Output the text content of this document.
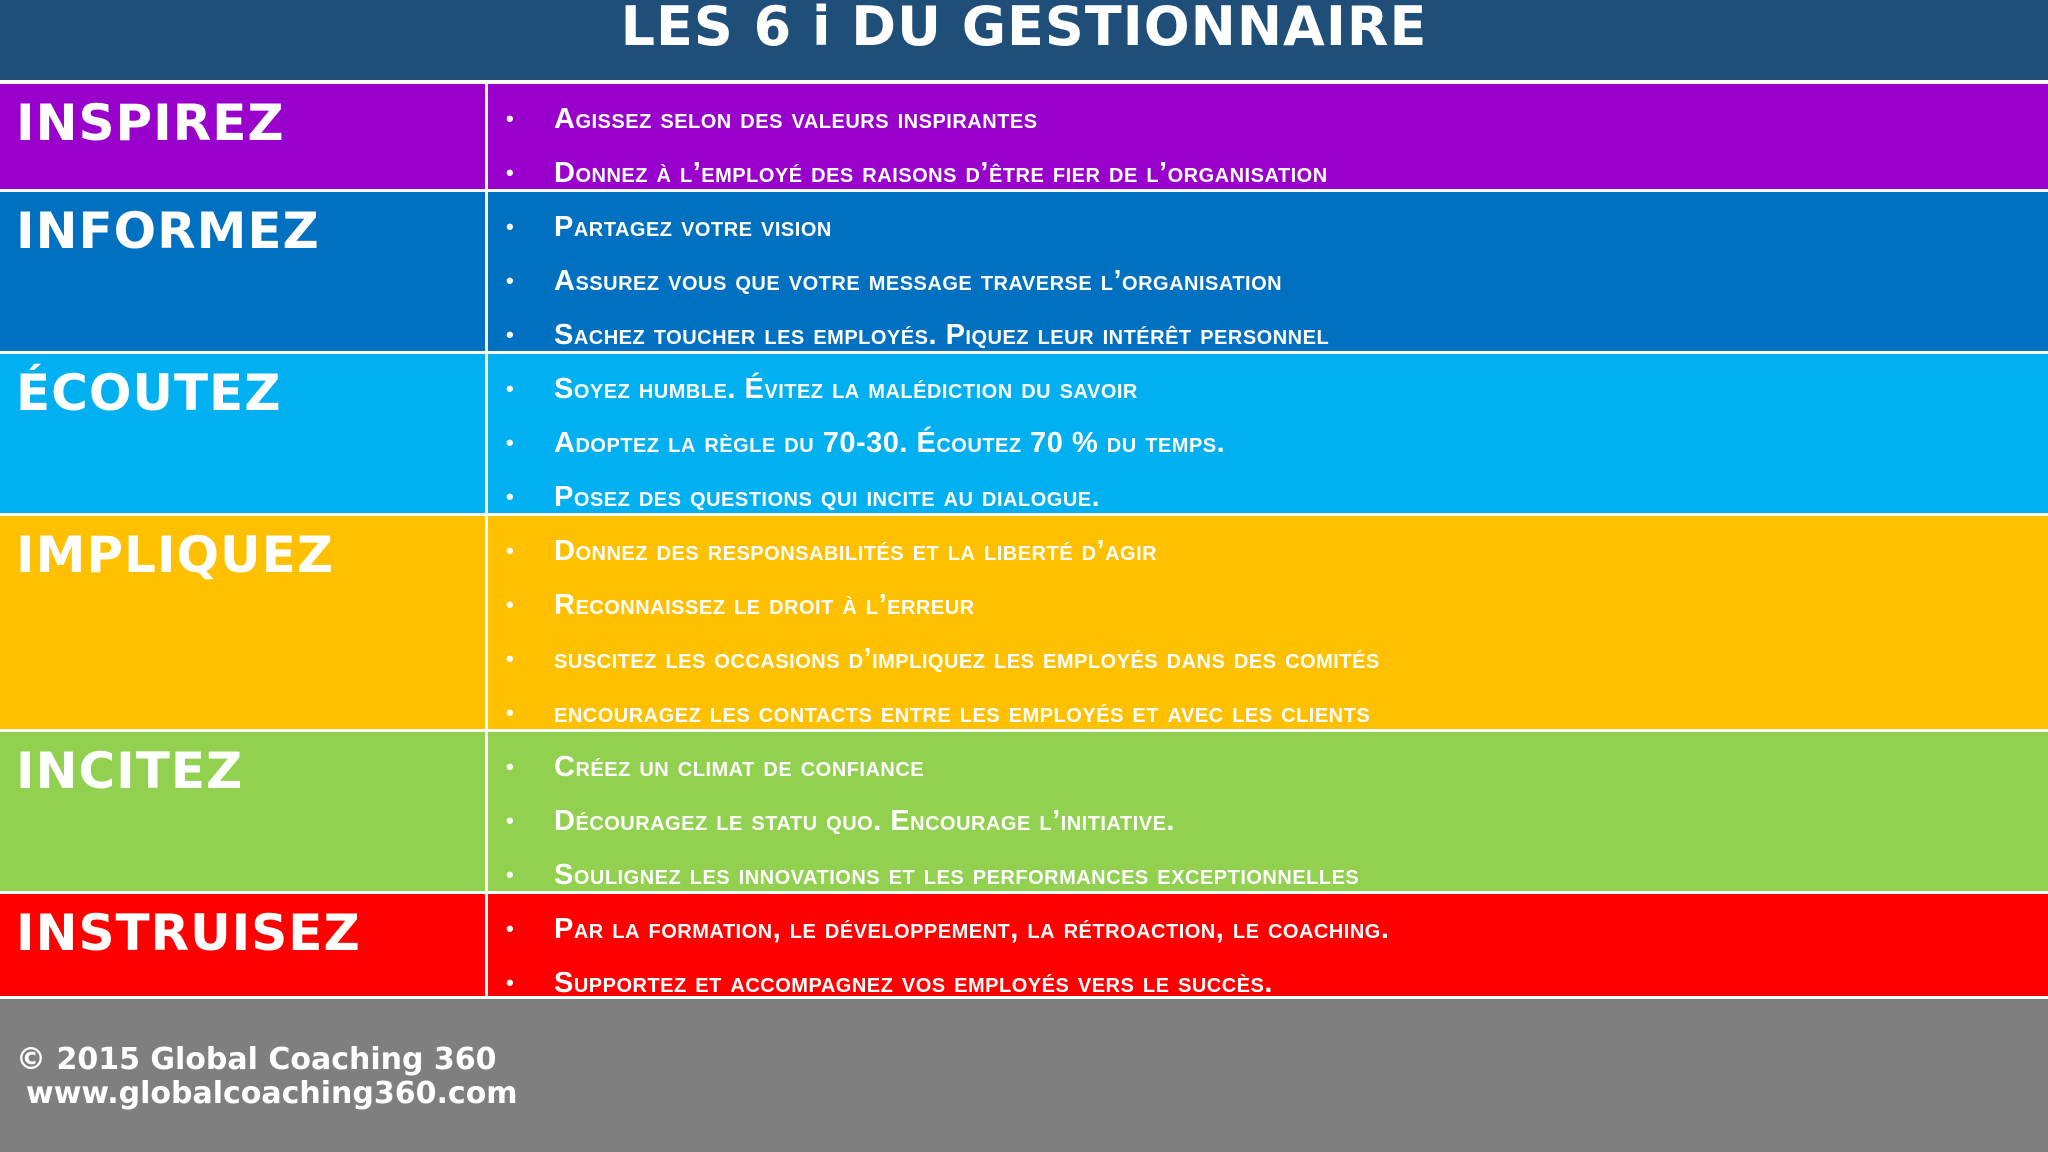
LES 6 i DU GESTIONNAIRE
INSPIREZ	•	Agissez selon des valeurs inspirantes
•	Donnez à l’employé des raisons d’être fier de l’organisation
INFORMEZ	•	Partagez votre vision
•	Assurez vous que votre message traverse l’organisation
•	Sachez toucher les employés. Piquez leur intérêt personnel
ÉCOUTEZ	•	Soyez humble. Évitez la malédiction du savoir
•	Adoptez la règle du 70-30. Écoutez 70 % du temps.
•	Posez des questions qui incite au dialogue.
IMPLIQUEZ	•	Donnez des responsabilités et la liberté d’agir
•	Reconnaissez le droit à l’erreur
•	suscitez les occasions d’impliquez les employés dans des comités
•	encouragez les contacts entre les employés et avec les clients
INCITEZ	•	Créez un climat de confiance
•	Découragez le statu quo. Encourage l’initiative.
•	Soulignez les innovations et les performances exceptionnelles
INSTRUISEZ	•	Par la formation, le développement, la rétroaction, le coaching.
•	Supportez et accompagnez vos employés vers le succès.
© 2015 Global Coaching 360
www.globalcoaching360.com
